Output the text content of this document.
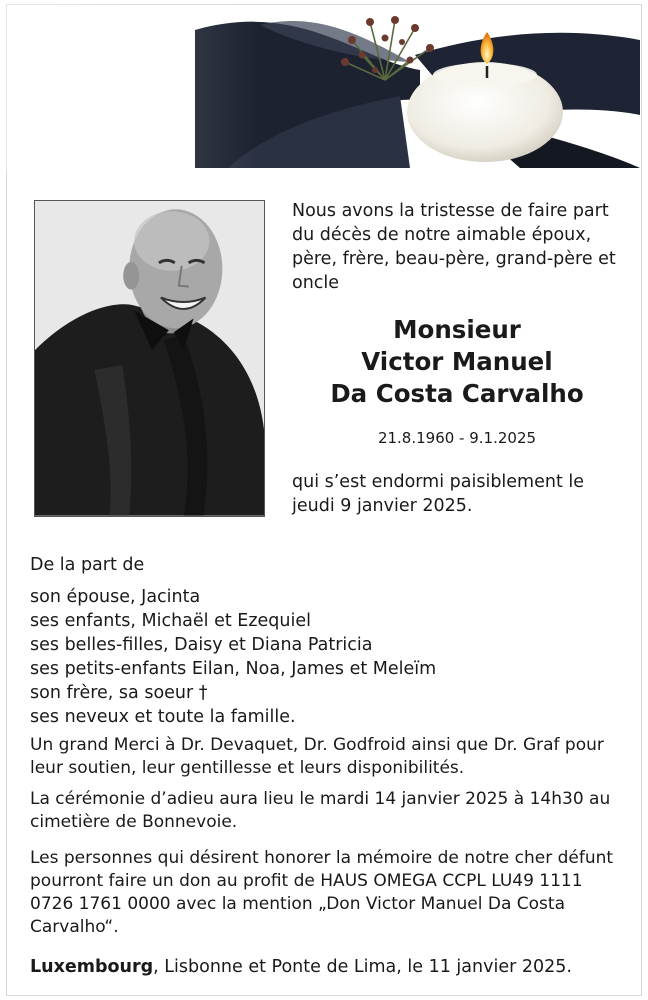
Nous avons la tristesse de faire part du décès de notre aimable époux, père, frère, beau-père, grand-père et oncle

Monsieur
Victor Manuel
Da Costa Carvalho
21.8.1960 - 9.1.2025

qui s’est endormi paisiblement le jeudi 9 janvier 2025.

De la part de
son épouse, Jacinta
ses enfants, Michaël et Ezequiel
ses belles-filles, Daisy et Diana Patricia
ses petits-enfants Eilan, Noa, James et Meleïm
son frère, sa soeur †
ses neveux et toute la famille.

Un grand Merci à Dr. Devaquet, Dr. Godfroid ainsi que Dr. Graf pour leur soutien, leur gentillesse et leurs disponibilités.

La cérémonie d’adieu aura lieu le mardi 14 janvier 2025 à 14h30 au cimetière de Bonnevoie.

Les personnes qui désirent honorer la mémoire de notre cher défunt pourront faire un don au profit de HAUS OMEGA CCPL LU49 1111 0726 1761 0000 avec la mention „Don Victor Manuel Da Costa Carvalho“.

Luxembourg, Lisbonne et Ponte de Lima, le 11 janvier 2025.
